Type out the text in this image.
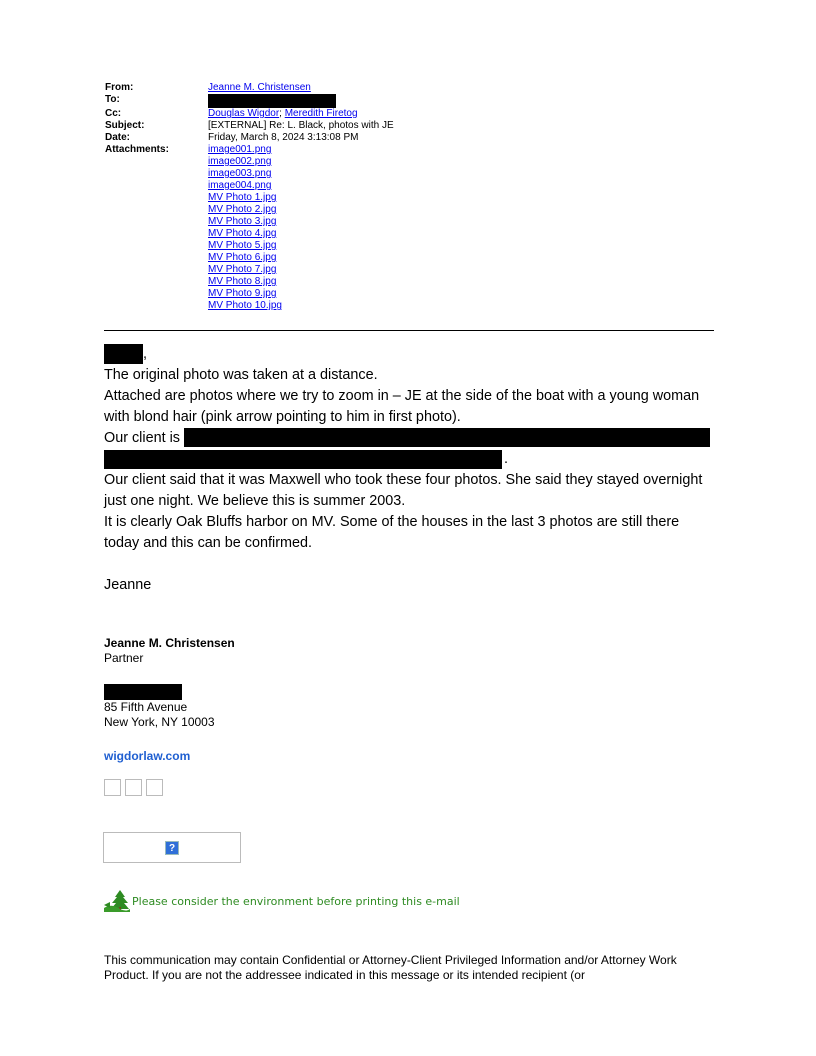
From:	Jeanne M. Christensen
To:
Cc:	Douglas Wigdor; Meredith Firetog
Subject:	[EXTERNAL] Re: L. Black, photos with JE
Date:	Friday, March 8, 2024 3:13:08 PM
Attachments:	image001.png
image002.png
image003.png
image004.png
MV Photo 1.jpg
MV Photo 2.jpg
MV Photo 3.jpg
MV Photo 4.jpg
MV Photo 5.jpg
MV Photo 6.jpg
MV Photo 7.jpg
MV Photo 8.jpg
MV Photo 9.jpg
MV Photo 10.jpg

,

The original photo was taken at a distance.

Attached are photos where we try to zoom in – JE at the side of the boat with a young woman with blond hair (pink arrow pointing to him in first photo).

Our client is
.

Our client said that it was Maxwell who took these four photos. She said they stayed overnight just one night. We believe this is summer 2003.

It is clearly Oak Bluffs harbor on MV. Some of the houses in the last 3 photos are still there today and this can be confirmed.

Jeanne

Jeanne M. Christensen
Partner
85 Fifth Avenue
New York, NY 10003
wigdorlaw.com
?
Please consider the environment before printing this e-mail
This communication may contain Confidential or Attorney-Client Privileged Information and/or Attorney Work Product. If you are not the addressee indicated in this message or its intended recipient (or
